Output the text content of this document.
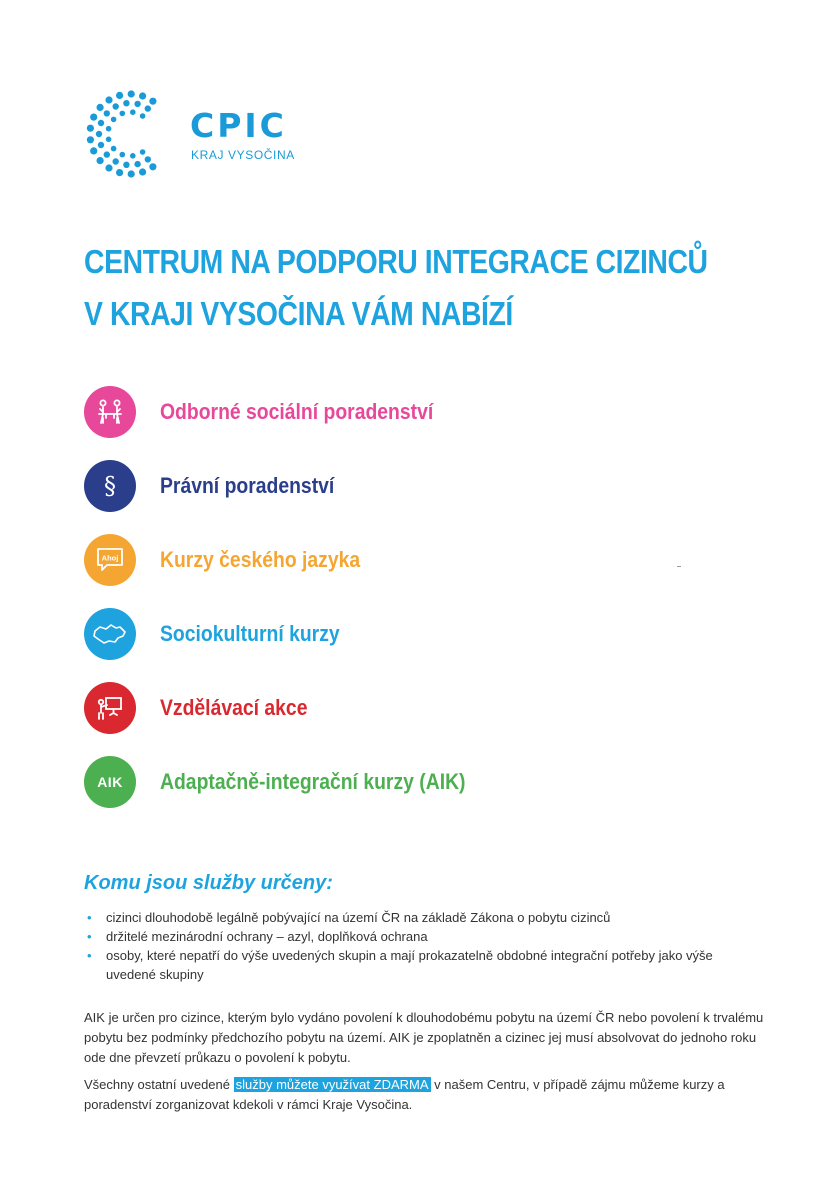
CPIC
KRAJ VYSOČINA
CENTRUM NA PODPORU INTEGRACE CIZINCŮ
V KRAJI VYSOČINA VÁM NABÍZÍ
Odborné sociální poradenství
§ Právní poradenství
Ahoj Kurzy českého jazyka
Sociokulturní kurzy
Vzdělávací akce
AIK Adaptačně-integrační kurzy (AIK)
Komu jsou služby určeny:
• cizinci dlouhodobě legálně pobývající na území ČR na základě Zákona o pobytu cizinců
• držitelé mezinárodní ochrany – azyl, doplňková ochrana
• osoby, které nepatří do výše uvedených skupin a mají prokazatelně obdobné integrační potřeby jako výše uvedené skupiny

AIK je určen pro cizince, kterým bylo vydáno povolení k dlouhodobému pobytu na území ČR nebo povolení k trvalému pobytu bez podmínky předchozího pobytu na území. AIK je zpoplatněn a cizinec jej musí absolvovat do jednoho roku ode dne převzetí průkazu o povolení k pobytu.

Všechny ostatní uvedené služby můžete využívat ZDARMA v našem Centru, v případě zájmu můžeme kurzy a poradenství zorganizovat kdekoli v rámci Kraje Vysočina.
